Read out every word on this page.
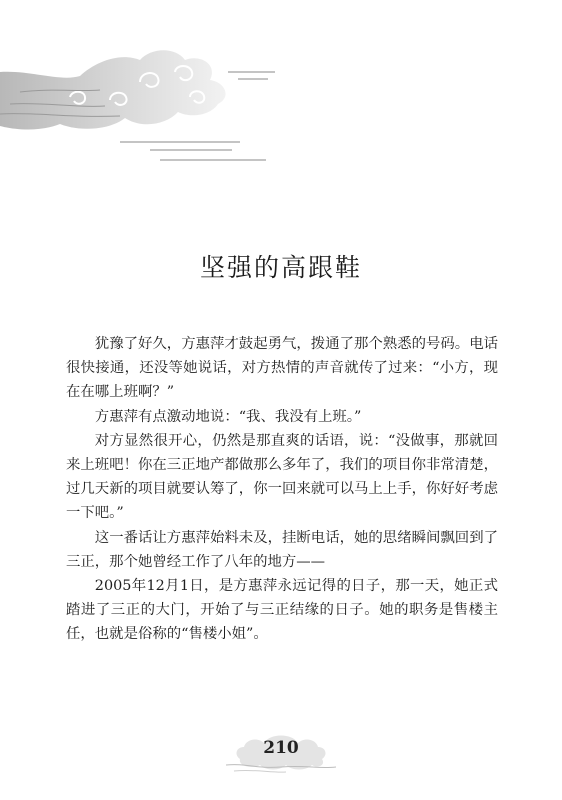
坚强的高跟鞋

犹豫了好久，方惠萍才鼓起勇气，拨通了那个熟悉的号码。电话很快接通，还没等她说话，对方热情的声音就传了过来：“小方，现在在哪上班啊？”

方惠萍有点激动地说：“我、我没有上班。”

对方显然很开心，仍然是那直爽的话语，说：“没做事，那就回来上班吧！你在三正地产都做那么多年了，我们的项目你非常清楚，过几天新的项目就要认筹了，你一回来就可以马上上手，你好好考虑一下吧。”

这一番话让方惠萍始料未及，挂断电话，她的思绪瞬间飘回到了三正，那个她曾经工作了八年的地方——

2005年12月1日，是方惠萍永远记得的日子，那一天，她正式踏进了三正的大门，开始了与三正结缘的日子。她的职务是售楼主任，也就是俗称的“售楼小姐”。

210
